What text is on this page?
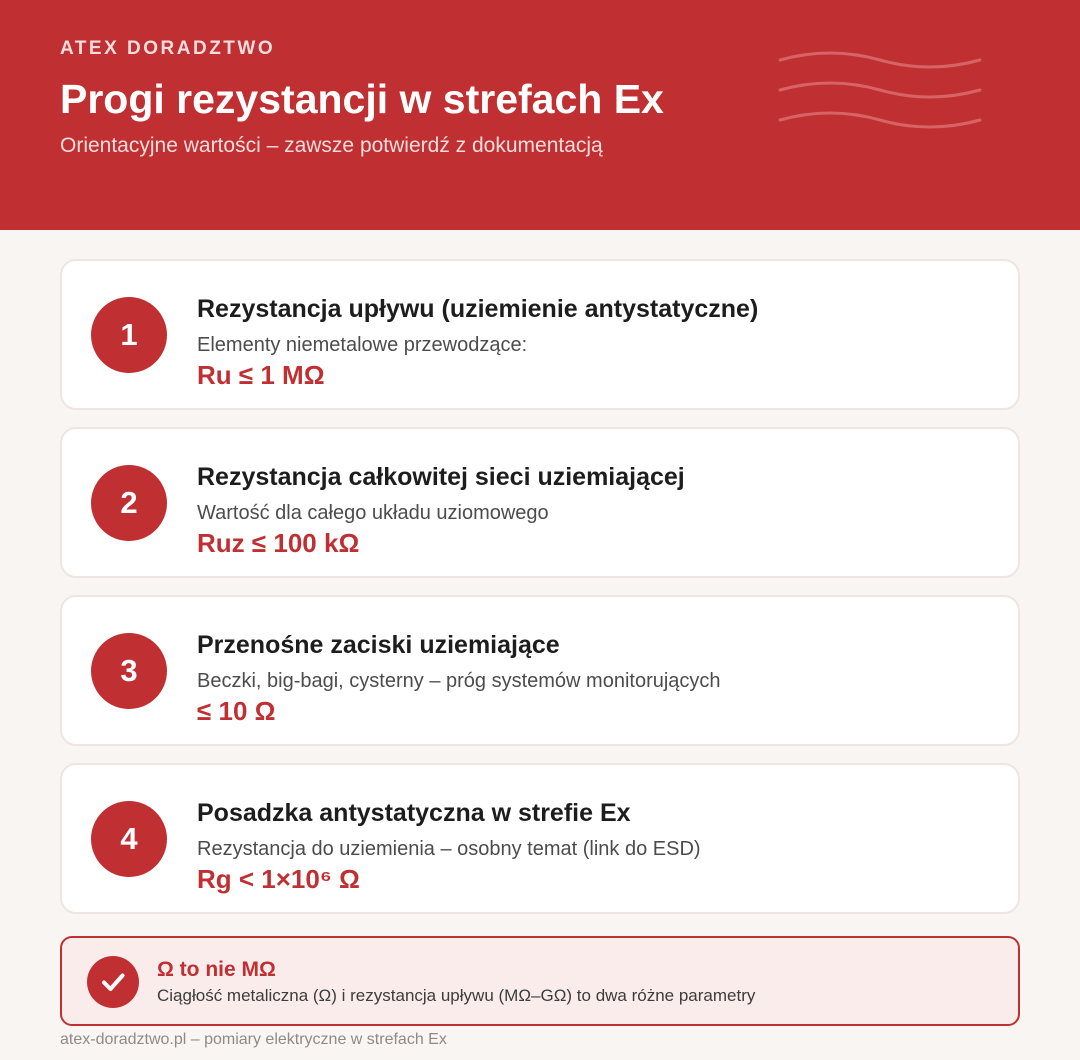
ATEX DORADZTWO
Progi rezystancji w strefach Ex
Orientacyjne wartości – zawsze potwierdź z dokumentacją
1
Rezystancja upływu (uziemienie antystatyczne)
Elementy niemetalowe przewodzące:
Ru ≤ 1 MΩ
2
Rezystancja całkowitej sieci uziemiającej
Wartość dla całego układu uziomowego
Ruz ≤ 100 kΩ
3
Przenośne zaciski uziemiające
Beczki, big-bagi, cysterny – próg systemów monitorujących
≤ 10 Ω
4
Posadzka antystatyczna w strefie Ex
Rezystancja do uziemienia – osobny temat (link do ESD)
Rg < 1×10⁶ Ω
Ω to nie MΩ
Ciągłość metaliczna (Ω) i rezystancja upływu (MΩ–GΩ) to dwa różne parametry
atex-doradztwo.pl – pomiary elektryczne w strefach Ex
